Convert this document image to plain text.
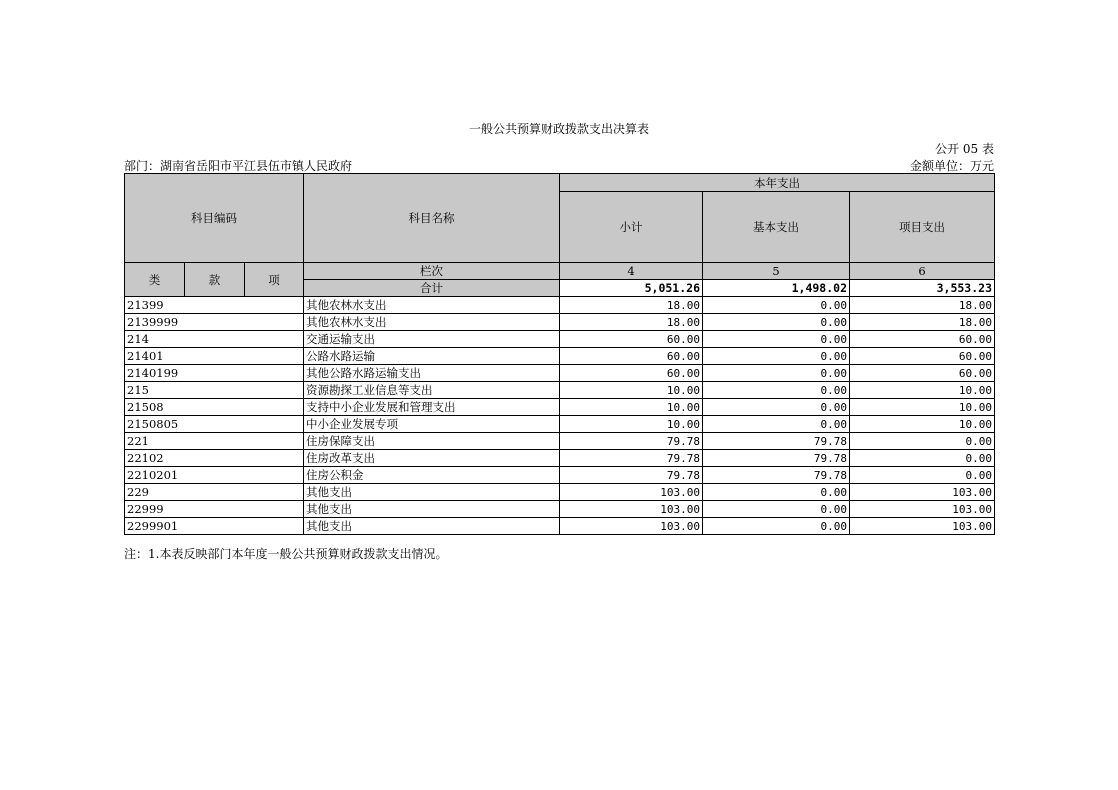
一般公共预算财政拨款支出决算表
公开 05 表
部门：湖南省岳阳市平江县伍市镇人民政府	金额单位：万元
科目编码			科目名称	本年支出		
				小计	基本支出	项目支出
类	款	项	栏次	4	5	6
			合计	5,051.26	1,498.02	3,553.23
21399			其他农林水支出	18.00	0.00	18.00
2139999			其他农林水支出	18.00	0.00	18.00
214			交通运输支出	60.00	0.00	60.00
21401			公路水路运输	60.00	0.00	60.00
2140199			其他公路水路运输支出	60.00	0.00	60.00
215			资源勘探工业信息等支出	10.00	0.00	10.00
21508			支持中小企业发展和管理支出	10.00	0.00	10.00
2150805			中小企业发展专项	10.00	0.00	10.00
221			住房保障支出	79.78	79.78	0.00
22102			住房改革支出	79.78	79.78	0.00
2210201			住房公积金	79.78	79.78	0.00
229			其他支出	103.00	0.00	103.00
22999			其他支出	103.00	0.00	103.00
2299901			其他支出	103.00	0.00	103.00
注：1.本表反映部门本年度一般公共预算财政拨款支出情况。
